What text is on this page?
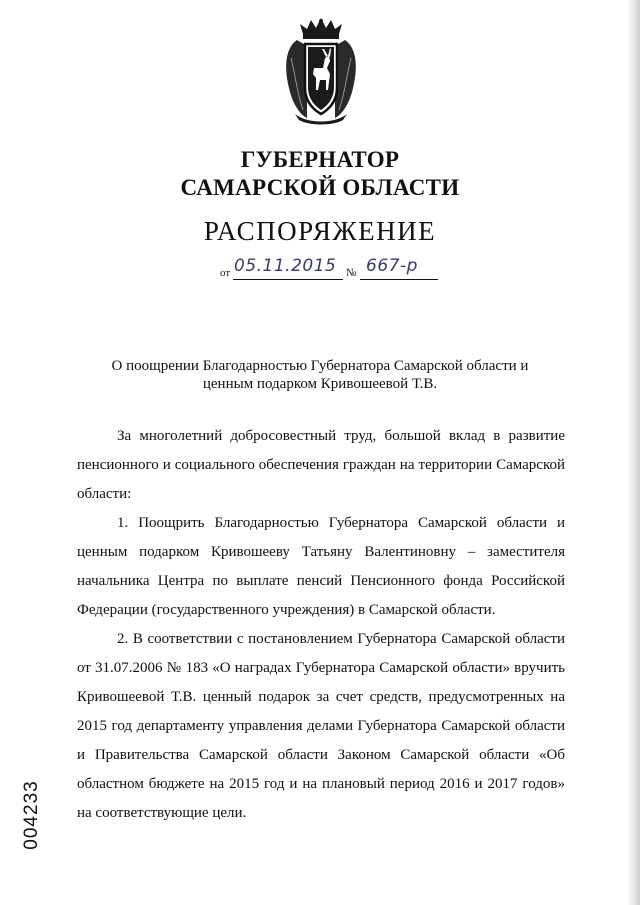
ГУБЕРНАТОР
САМАРСКОЙ ОБЛАСТИ
РАСПОРЯЖЕНИЕ
от 05.11.2015 № 667-р
О поощрении Благодарностью Губернатора Самарской области и
ценным подарком Кривошеевой Т.В.

За многолетний добросовестный труд, большой вклад в развитие пенсионного и социального обеспечения граждан на территории Самарской области:

1. Поощрить Благодарностью Губернатора Самарской области и ценным подарком Кривошееву Татьяну Валентиновну – заместителя начальника Центра по выплате пенсий Пенсионного фонда Российской Федерации (государственного учреждения) в Самарской области.

2. В соответствии с постановлением Губернатора Самарской области от 31.07.2006 № 183 «О наградах Губернатора Самарской области» вручить Кривошеевой Т.В. ценный подарок за счет средств, предусмотренных на 2015 год департаменту управления делами Губернатора Самарской области и Правительства Самарской области Законом Самарской области «Об областном бюджете на 2015 год и на плановый период 2016 и 2017 годов» на соответствующие цели.

004233
